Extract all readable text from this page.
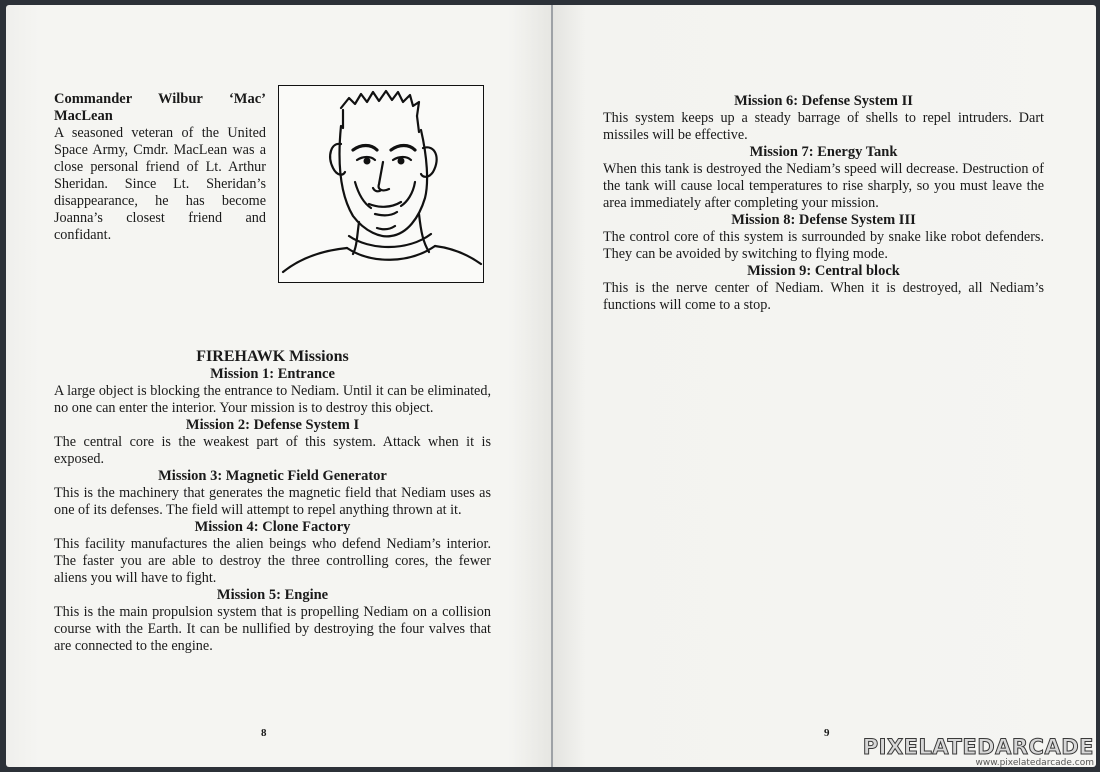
Commander Wilbur ‘Mac’
MacLean

A seasoned veteran of the United Space Army, Cmdr. MacLean was a close personal friend of Lt. Arthur Sheridan. Since Lt. Sheridan’s disappearance, he has become Joanna’s closest friend and confidant.

FIREHAWK Missions
Mission 1: Entrance

A large object is blocking the entrance to Nediam. Until it can be eliminated, no one can enter the interior. Your mission is to destroy this object.

Mission 2: Defense System I

The central core is the weakest part of this system. Attack when it is exposed.

Mission 3: Magnetic Field Generator

This is the machinery that generates the magnetic field that Nediam uses as one of its defenses. The field will attempt to repel anything thrown at it.

Mission 4: Clone Factory

This facility manufactures the alien beings who defend Nediam’s interior. The faster you are able to destroy the three controlling cores, the fewer aliens you will have to fight.

Mission 5: Engine

This is the main propulsion system that is propelling Nediam on a collision course with the Earth. It can be nullified by destroying the four valves that are connected to the engine.

8
Mission 6: Defense System II

This system keeps up a steady barrage of shells to repel intruders. Dart missiles will be effective.

Mission 7: Energy Tank

When this tank is destroyed the Nediam’s speed will decrease. Destruction of the tank will cause local temperatures to rise sharply, so you must leave the area immediately after completing your mission.

Mission 8: Defense System III

The control core of this system is surrounded by snake like robot defenders. They can be avoided by switching to flying mode.

Mission 9: Central block

This is the nerve center of Nediam. When it is destroyed, all Nediam’s functions will come to a stop.

9
PIXELATEDARCADE
www.pixelatedarcade.com
